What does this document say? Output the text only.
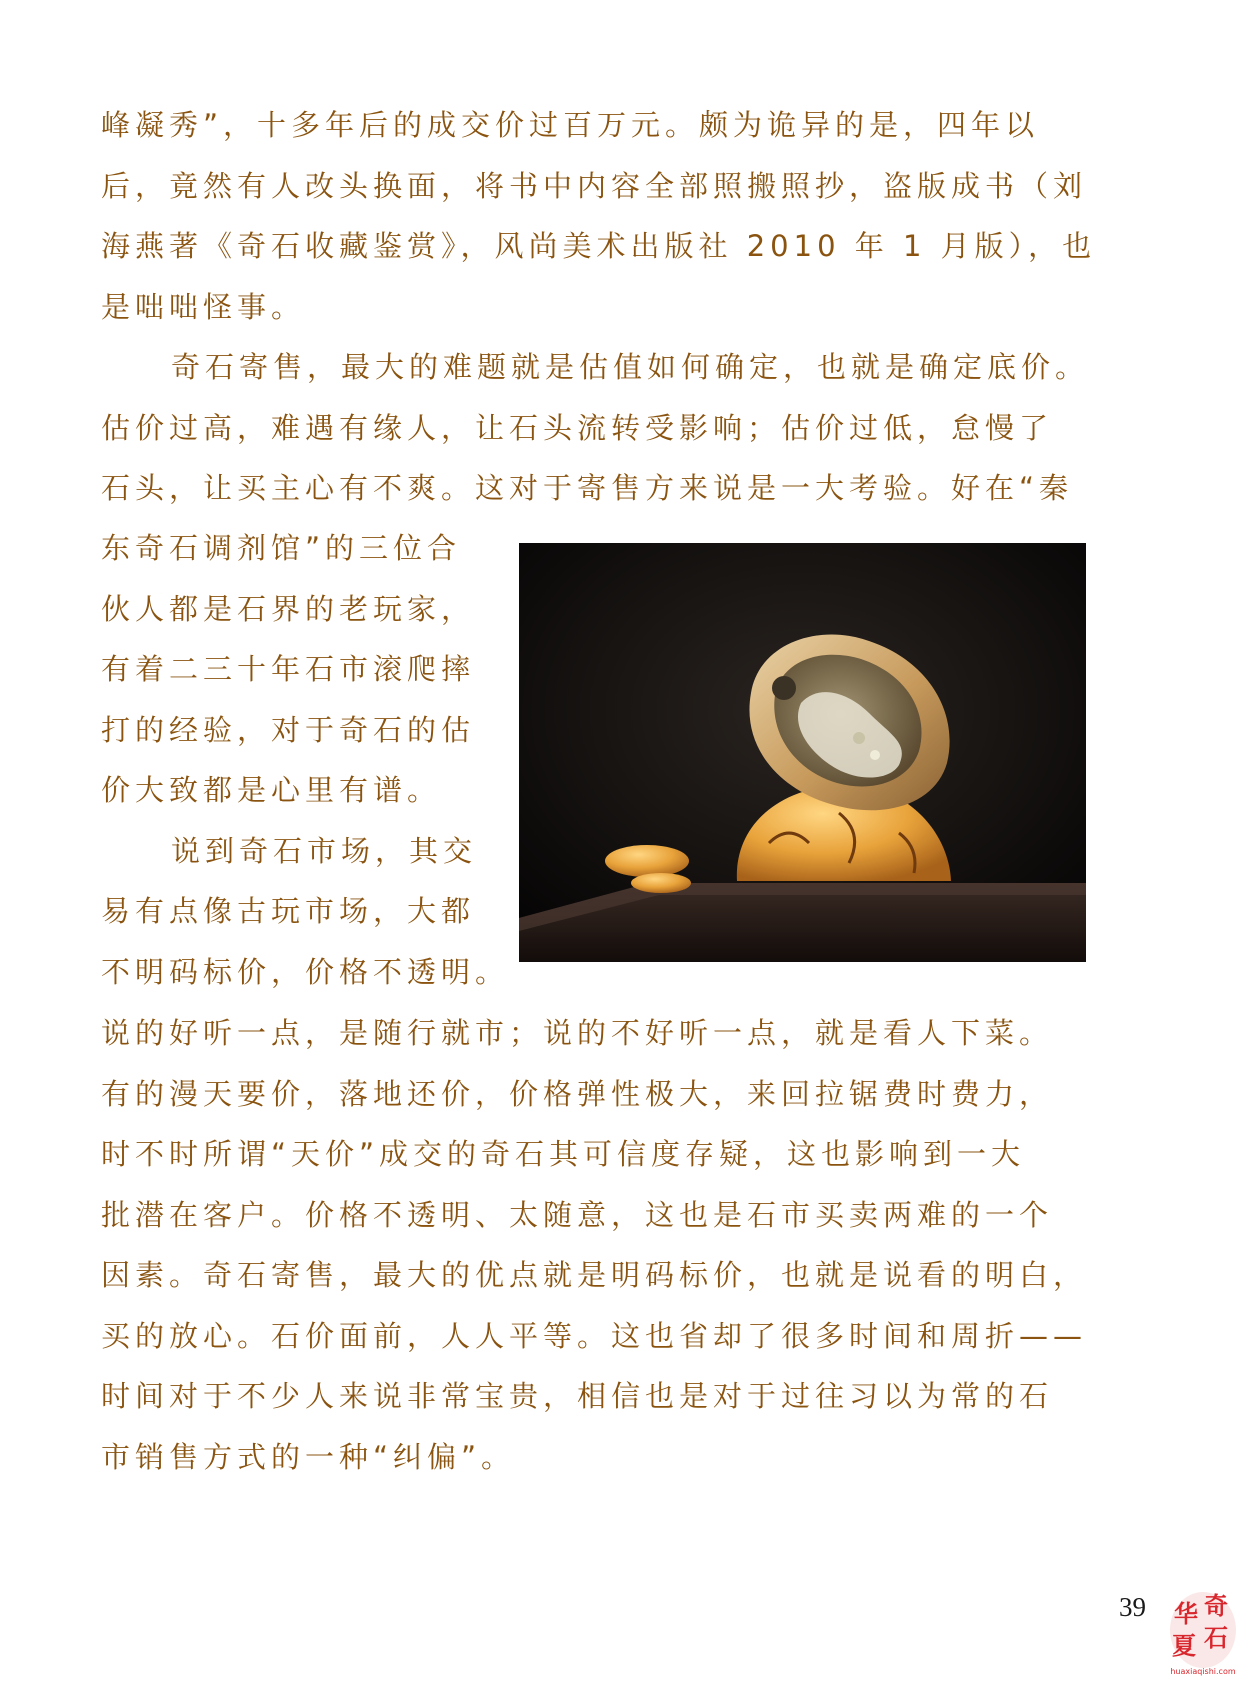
峰凝秀”，十多年后的成交价过百万元。颇为诡异的是，四年以
后，竟然有人改头换面，将书中内容全部照搬照抄，盗版成书（刘
海燕著《奇石收藏鉴赏》，风尚美术出版社 2010 年 1 月版），也
是咄咄怪事。
奇石寄售，最大的难题就是估值如何确定，也就是确定底价。
估价过高，难遇有缘人，让石头流转受影响；估价过低，怠慢了
石头，让买主心有不爽。这对于寄售方来说是一大考验。好在“秦
东奇石调剂馆”的三位合
伙人都是石界的老玩家，
有着二三十年石市滚爬摔
打的经验，对于奇石的估
价大致都是心里有谱。
说到奇石市场，其交
易有点像古玩市场，大都
不明码标价，价格不透明。
说的好听一点，是随行就市；说的不好听一点，就是看人下菜。
有的漫天要价，落地还价，价格弹性极大，来回拉锯费时费力，
时不时所谓“天价”成交的奇石其可信度存疑，这也影响到一大
批潜在客户。价格不透明、太随意，这也是石市买卖两难的一个
因素。奇石寄售，最大的优点就是明码标价，也就是说看的明白，
买的放心。石价面前，人人平等。这也省却了很多时间和周折——
时间对于不少人来说非常宝贵，相信也是对于过往习以为常的石
市销售方式的一种“纠偏”。
39 华 奇
夏 石
huaxiaqishi.com
